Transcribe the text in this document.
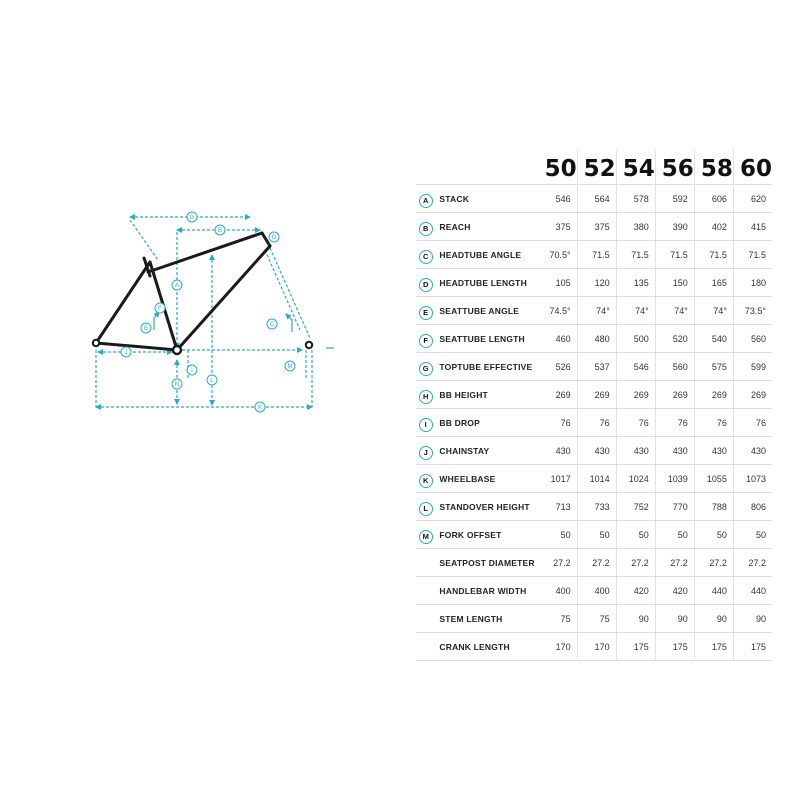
A
B
C
D
E
F
G
I
J
K
L
M
N
		50	52	54	56	58	60
A	STACK	546	564	578	592	606	620
B	REACH	375	375	380	390	402	415
C	HEADTUBE ANGLE	70.5°	71.5	71.5	71.5	71.5	71.5
D	HEADTUBE LENGTH	105	120	135	150	165	180
E	SEATTUBE ANGLE	74.5°	74°	74°	74°	74°	73.5°
F	SEATTUBE LENGTH	460	480	500	520	540	560
G	TOPTUBE EFFECTIVE	526	537	546	560	575	599
H	BB HEIGHT	269	269	269	269	269	269
I	BB DROP	76	76	76	76	76	76
J	CHAINSTAY	430	430	430	430	430	430
K	WHEELBASE	1017	1014	1024	1039	1055	1073
L	STANDOVER HEIGHT	713	733	752	770	788	806
M	FORK OFFSET	50	50	50	50	50	50
	SEATPOST DIAMETER	27.2	27.2	27.2	27.2	27.2	27.2
	HANDLEBAR WIDTH	400	400	420	420	440	440
	STEM LENGTH	75	75	90	90	90	90
	CRANK LENGTH	170	170	175	175	175	175
